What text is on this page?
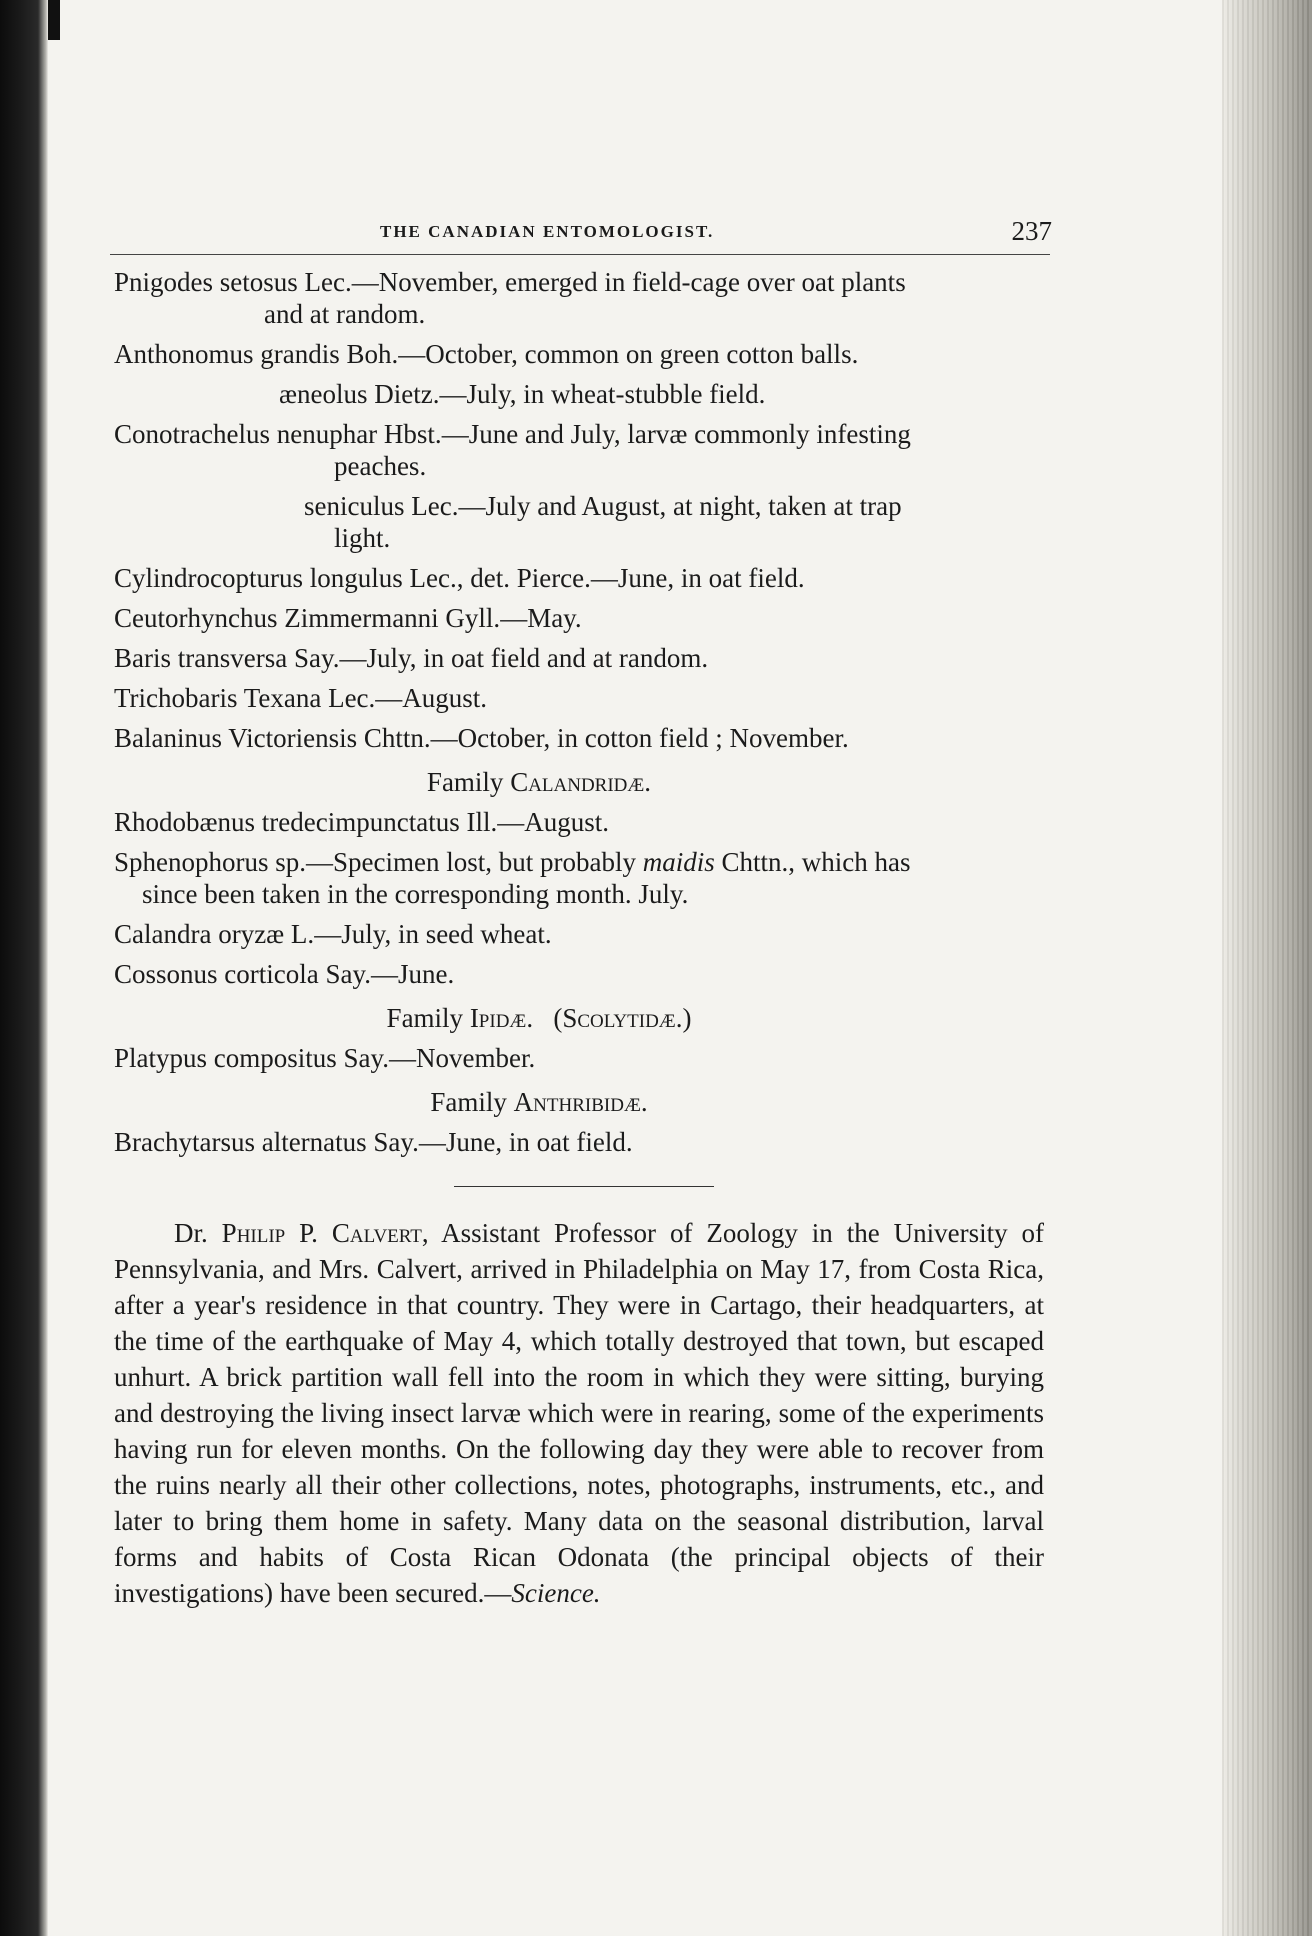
THE CANADIAN ENTOMOLOGIST.	237
Pnigodes setosus Lec.—November, emerged in field-cage over oat plants
and at random.
Anthonomus grandis Boh.—October, common on green cotton balls.
æneolus Dietz.—July, in wheat-stubble field.
Conotrachelus nenuphar Hbst.—June and July, larvæ commonly infesting
peaches.
seniculus Lec.—July and August, at night, taken at trap
light.
Cylindrocopturus longulus Lec., det. Pierce.—June, in oat field.
Ceutorhynchus Zimmermanni Gyll.—May.
Baris transversa Say.—July, in oat field and at random.
Trichobaris Texana Lec.—August.
Balaninus Victoriensis Chttn.—October, in cotton field ; November.
Family Calandridæ.
Rhodobænus tredecimpunctatus Ill.—August.
Sphenophorus sp.—Specimen lost, but probably maidis Chttn., which has
since been taken in the corresponding month. July.
Calandra oryzæ L.—July, in seed wheat.
Cossonus corticola Say.—June.
Family Ipidæ. (Scolytidæ.)
Platypus compositus Say.—November.
Family Anthribidæ.
Brachytarsus alternatus Say.—June, in oat field.

Dr. Philip P. Calvert, Assistant Professor of Zoology in the University of Pennsylvania, and Mrs. Calvert, arrived in Philadelphia on May 17, from Costa Rica, after a year's residence in that country. They were in Cartago, their headquarters, at the time of the earthquake of May 4, which totally destroyed that town, but escaped unhurt. A brick partition wall fell into the room in which they were sitting, burying and destroying the living insect larvæ which were in rearing, some of the experiments having run for eleven months. On the following day they were able to recover from the ruins nearly all their other collections, notes, photographs, instruments, etc., and later to bring them home in safety. Many data on the seasonal distribution, larval forms and habits of Costa Rican Odonata (the principal objects of their investigations) have been secured.—Science.
